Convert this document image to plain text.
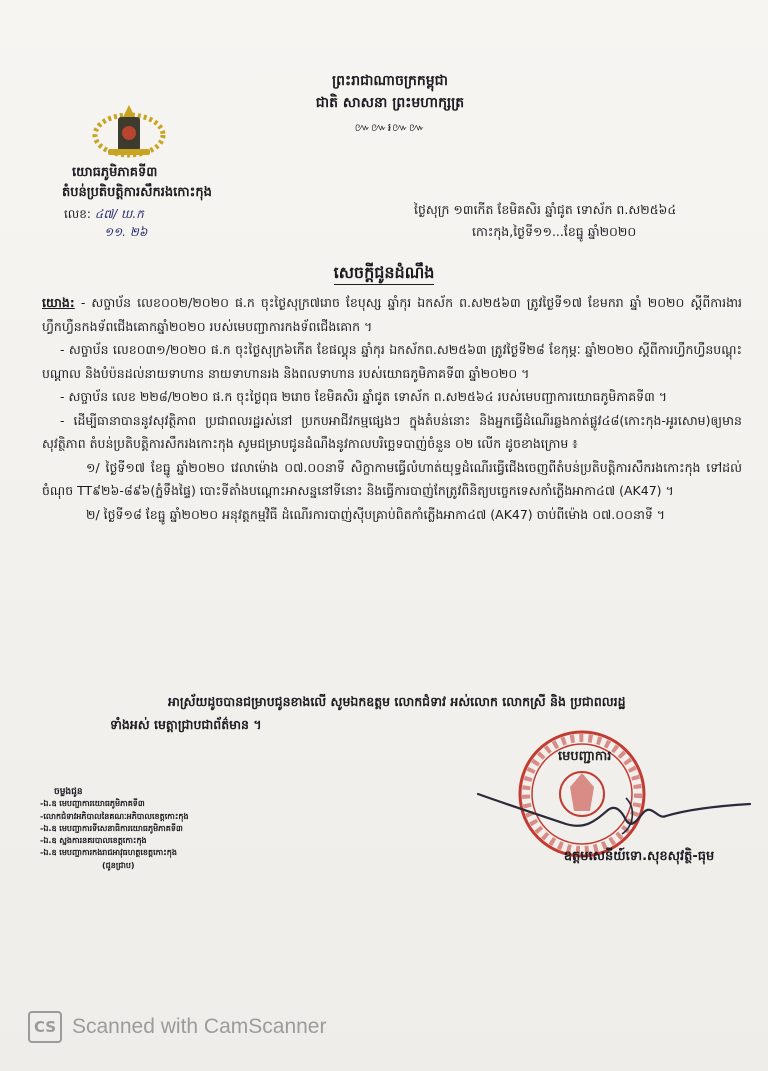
ព្រះរាជាណាចក្រកម្ពុជា
ជាតិ សាសនា ព្រះមហាក្សត្រ
៚៚៛៚៚
យោធភូមិភាគទី៣
តំបន់ប្រតិបត្តិការសឹករងកោះកុង
លេខ: ៤៧/ ឃ.ក
១១. ២៦
ថ្ងៃសុក្រ ១៣កើត ខែមិគសិរ ឆ្នាំជូត ទោស័ក ព.ស២៥៦៤
កោះកុង,ថ្ងៃទី១១...ខែធ្នូ ឆ្នាំ២០២០
សេចក្ដីជូនដំណឹង

យោង: - សច្ចាប័ន លេខ០០២/២០២០ ផ.ក ចុះថ្ងៃសុក្រ៧រោច ខែបុស្ស ឆ្នាំកុរ ឯកស័ក ព.ស២៥៦៣ ត្រូវថ្ងៃទី១៧ ខែមករា ឆ្នាំ ២០២០ ស្ដីពីការងារហ្វឹកហ្វឺនកងទ័ពជើងគោកឆ្នាំ២០២០ របស់មេបញ្ជាការកងទ័ពជើងគោក ។

- សច្ចាប័ន លេខ០៣១/២០២០ ផ.ក ចុះថ្ងៃសុក្រ៦កើត ខែផល្គុន ឆ្នាំកុរ ឯកស័កព.ស២៥៦៣ ត្រូវថ្ងៃទី២៨ ខែកុម្ភៈ ឆ្នាំ២០២០ ស្ដីពីការហ្វឹកហ្វឺនបណ្ដុះបណ្ដាល និងបំប៉នដល់នាយទាហាន នាយទាហានរង និងពលទាហាន របស់យោធភូមិភាគទី៣ ឆ្នាំ២០២០ ។

- សច្ចាប័ន លេខ ២២៨/២០២០ ផ.ក ចុះថ្ងៃពុធ ២រោច ខែមិគសិរ ឆ្នាំជូត ទោស័ក ព.ស២៥៦៤ របស់មេបញ្ជាការយោធភូមិភាគទី៣ ។

- ដើម្បីធានាបាននូវសុវត្ថិភាព ប្រជាពលរដ្ឋរស់នៅ ប្រកបអាជីវកម្មផ្សេងៗ ក្នុងតំបន់នោះ និងអ្នកធ្វើដំណើរឆ្លងកាត់ផ្លូវ៤៨(កោះកុង-អូរសោម)ឲ្យមានសុវត្ថិភាព តំបន់ប្រតិបត្តិការសឹករងកោះកុង សូមជម្រាបជូនដំណឹងនូវកាលបរិច្ឆេទបាញ់ចំនួន ០២ លើក ដូចខាងក្រោម ៖

១/ ថ្ងៃទី១៧ ខែធ្នូ ឆ្នាំ២០២០ វេលាម៉ោង ០៧.០០នាទី សិក្ខាកាមធ្វើលំហាត់យុទ្ធដំណើរធ្វើជើងចេញពីតំបន់ប្រតិបត្តិការសឹករងកោះកុង ទៅដល់ចំណុច TT៩២៦-៨៩៦(ភ្នំទឹងផ្ទៃ) បោះទីតាំងបណ្ដោះអាសន្ននៅទីនោះ និងធ្វើការបាញ់កែត្រូវពិនិត្យបច្ចេកទេសកាំភ្លើងអាកា៤៧ (AK47) ។

២/ ថ្ងៃទី១៨ ខែធ្នូ ឆ្នាំ២០២០ អនុវត្តកម្មវិធី ដំណើរការបាញ់ស៊ីបគ្រាប់ពិតកាំភ្លើងអាកា៤៧ (AK47) ចាប់ពីម៉ោង ០៧.០០នាទី ។

អាស្រ័យដូចបានជម្រាបជូនខាងលើ សូមឯកឧត្តម លោកជំទាវ អស់លោក លោកស្រី និង ប្រជាពលរដ្ឋ
ទាំងអស់ មេត្តាជ្រាបជាព័ត៌មាន ។
ចម្លងជូន
-ឯ.ឧ មេបញ្ជាការយោធភូមិភាគទី៣
-លោកជំទាវអភិបាលនៃគណៈអភិបាលខេត្តកោះកុង
-ឯ.ឧ មេបញ្ជាការទីសេនាធិការយោធភូមិភាគទី៣
-ឯ.ឧ ស្នងការនគរបាលខេត្តកោះកុង
-ឯ.ឧ មេបញ្ជាការកងរាជអាវុធហត្ថខេត្តកោះកុង
(ជូនជ្រាប)
មេបញ្ជាការ
ឧត្តមសេនីយ៍ទោ.សុខសុវត្ថិ-ធុម
CS Scanned with CamScanner
